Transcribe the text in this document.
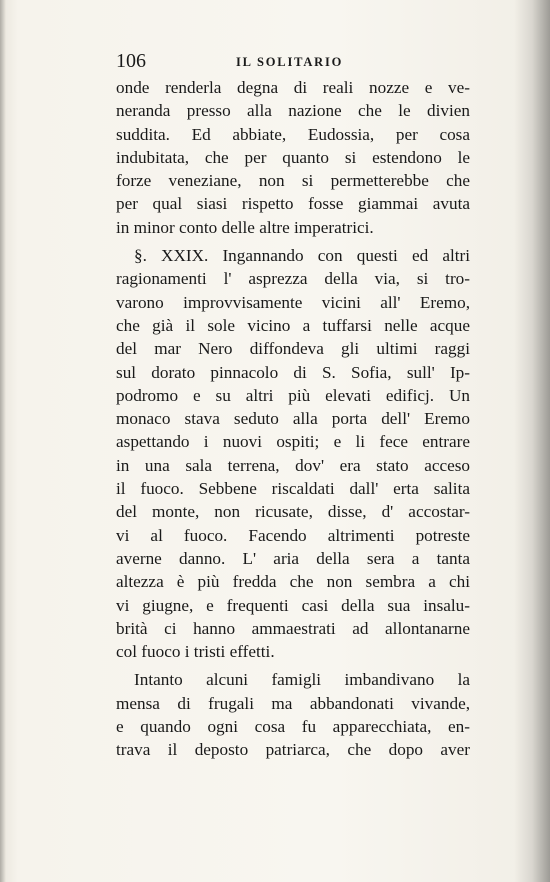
106	IL SOLITARIO
onde renderla degna di reali nozze e ve-
neranda presso alla nazione che le divien
suddita. Ed abbiate, Eudossia, per cosa
indubitata, che per quanto si estendono le
forze veneziane, non si permetterebbe che
per qual siasi rispetto fosse giammai avuta
in minor conto delle altre imperatrici.
§. XXIX. Ingannando con questi ed altri
ragionamenti l' asprezza della via, si tro-
varono improvvisamente vicini all' Eremo,
che già il sole vicino a tuffarsi nelle acque
del mar Nero diffondeva gli ultimi raggi
sul dorato pinnacolo di S. Sofia, sull' Ip-
podromo e su altri più elevati edificj. Un
monaco stava seduto alla porta dell' Eremo
aspettando i nuovi ospiti; e li fece entrare
in una sala terrena, dov' era stato acceso
il fuoco. Sebbene riscaldati dall' erta salita
del monte, non ricusate, disse, d' accostar-
vi al fuoco. Facendo altrimenti potreste
averne danno. L' aria della sera a tanta
altezza è più fredda che non sembra a chi
vi giugne, e frequenti casi della sua insalu-
brità ci hanno ammaestrati ad allontanarne
col fuoco i tristi effetti.
Intanto alcuni famigli imbandivano la
mensa di frugali ma abbandonati vivande,
e quando ogni cosa fu apparecchiata, en-
trava il deposto patriarca, che dopo aver
